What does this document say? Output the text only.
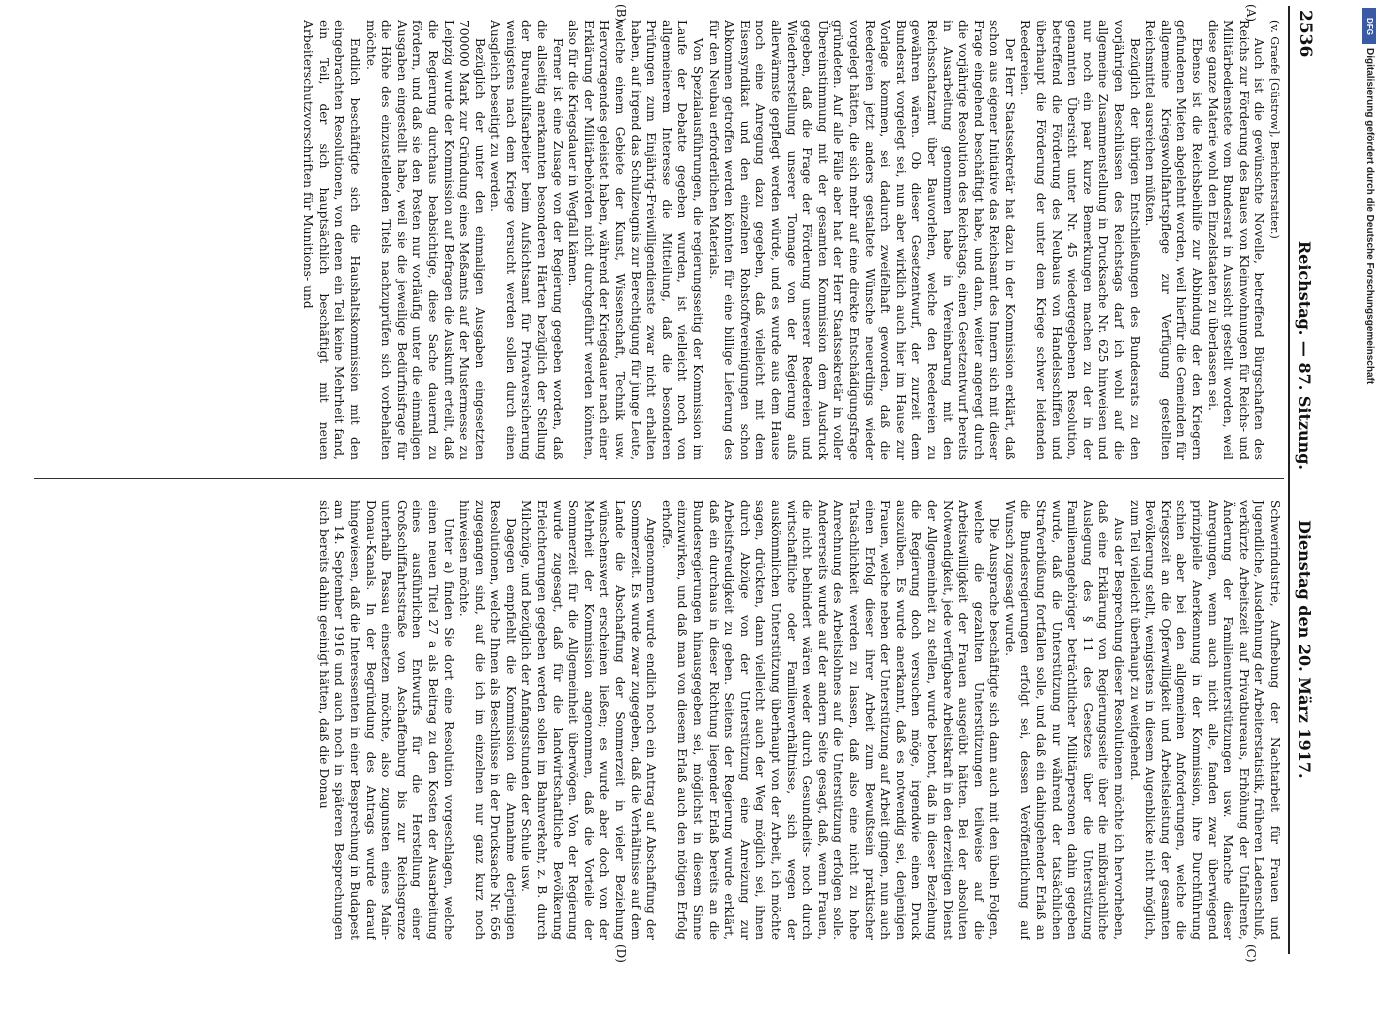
2536
Reichstag. — 87. Sitzung.
Dienstag den 20. März 1917.
(A)
(B)
(C)
(D)

(v. Graefe [Güstrow], Berichterstatter.)

Auch ist die gewünschte Novelle, betreffend Bürgschaften des Reichs zur Förderung des Baues von Kleinwohnungen für Reichs- und Militärbedienstete vom Bundesrat in Aussicht gestellt worden, weil diese ganze Materie wohl den Einzelstaaten zu überlassen sei.

Ebenso ist die Reichsbeihilfe zur Abbindung der den Kriegern gefundenen Mieten abgelehnt worden, weil hierfür die Gemeinden für allgemeine Kriegswohlfahrtspflege zur Verfügung gestellten Reichsmittel ausreichen müßten.

Bezüglich der übrigen Entschließungen des Bundesrats zu den vorjährigen Beschlüssen des Reichstags darf ich wohl auf die allgemeine Zusammenstellung in Drucksache Nr. 625 hinweisen und nur noch ein paar kurze Bemerkungen machen zu der in der genannten Übersicht unter Nr. 45 wiedergegebenen Resolution, betreffend die Förderung des Neubaus von Handelsschiffen und überhaupt die Förderung der unter dem Kriege schwer leidenden Reedereien.

Der Herr Staatssekretär hat dazu in der Kommission erklärt, daß schon aus eigener Initiative das Reichsamt des Innern sich mit dieser Frage eingehend beschäftigt habe, und dann, weiter angeregt durch die vorjährige Resolution des Reichstags, einen Gesetzentwurf bereits in Ausarbeitung genommen habe in Vereinbarung mit den Reichsschatzamt über Bauvorlehen, welche den Reedereien zu gewähren wären. Ob dieser Gesetzentwurf, der zurzeit dem Bundesrat vorgelegt sei, nun aber wirklich auch hier im Hause zur Vorlage kommen, sei dadurch zweifelhaft geworden, daß die Reedereien jetzt anders gestaltete Wünsche neuerdings wieder vorgelegt hätten, die sich mehr auf eine direkte Entschädigungsfrage gründeten. Auf alle Fälle aber hat der Herr Staatssekretär in voller Übereinstimmung mit der gesamten Kommission dem Ausdruck gegeben, daß die Frage der Förderung unserer Reedereien und Wiederherstellung unserer Tonnage von der Regierung aufs allerwärmste gepflegt werden würde, und es wurde aus dem Hause noch eine Anregung dazu gegeben, daß vielleicht mit dem Eisensyndikat und den einzelnen Rohstoffvereinigungen schon Abkommen getroffen werden könnten für eine billige Lieferung des für den Neubau erforderlichen Materials.

Von Spezialausführungen, die regierungsseitig der Kommission im Laufe der Debatte gegeben wurden, ist vielleicht noch von allgemeinerem Interesse die Mitteilung, daß die besonderen Prüfungen zum Einjährig-Freiwilligendienste zwar nicht erhalten haben, auf irgend das Schulzeugnis zur Berechtigung für junge Leute, welche einem Gebiete der Kunst, Wissenschaft, Technik usw. Hervorragendes geleistet haben, während der Kriegsdauer nach einer Erklärung der Militärbehörden nicht durchgeführt werden könnten, also für die Kriegsdauer in Wegfall kämen.

Ferner ist eine Zusage von der Regierung gegeben worden, daß die allseitig anerkannten besonderen Härten bezüglich der Stellung der Bureauhilfsarbeiter beim Aufsichtsamt für Privatversicherung wenigstens nach dem Kriege versucht werden sollen durch einen Ausgleich beseitigt zu werden.

Bezüglich der unter den einmaligen Ausgaben eingesetzten 700000 Mark zur Gründung eines Meßamts auf der Mustermesse zu Leipzig wurde der Kommission auf Befragen die Auskunft erteilt, daß die Regierung durchaus beabsichtige, diese Sache dauernd zu fördern, und daß sie den Posten nur vorläufig unter die einmaligen Ausgaben eingestellt habe, weil sie die jeweilige Bedürfnisfrage für die Höhe des einzustellenden Titels nachzuprüfen sich vorbehalten möchte.

Endlich beschäftigte sich die Haushaltskommission mit den eingebrachten Resolutionen, von denen ein Teil keine Mehrheit fand, ein Teil, der sich hauptsächlich beschäftigt mit neuen Arbeiterschutzvorschriften für Munitions- und

Schwerindustrie, Aufhebung der Nachtarbeit für Frauen und Jugendliche, Ausdehnung der Arbeiterstatistik, früheren Ladenschluß, verkürzte Arbeitszeit auf Privatbureaus, Erhöhung der Unfallrente, Änderung der Familienunterstützungen usw. Manche dieser Anregungen, wenn auch nicht alle, fanden zwar überwiegend prinzipielle Anerkennung in der Kommission, ihre Durchführung schien aber bei den allgemeinen Anforderungen, welche die Kriegszeit an die Opferwilligkeit und Arbeitsleistung der gesamten Bevölkerung stellt, wenigstens in diesem Augenblicke nicht möglich, zum Teil vielleicht überhaupt zu weitgehend.

Aus der Besprechung dieser Resolutionen möchte ich hervorheben, daß eine Erklärung von Regierungsseite über die mißbräuchliche Auslegung des § 11 des Gesetzes über die Unterstützung Familienangehöriger beträchtlicher Militärpersonen dahin gegeben wurde, daß die Unterstützung nur während der tatsächlichen Strafverbüßung fortfallen solle, und daß ein dahingehender Erlaß an die Bundesregierungen erfolgt sei, dessen Veröffentlichung auf Wunsch zugesagt wurde.

Die Aussprache beschäftigte sich dann auch mit den übeln Folgen, welche die gezahlten Unterstützungen teilweise auf die Arbeitswilligkeit der Frauen ausgeübt hätten. Bei der absoluten Notwendigkeit, jede verfügbare Arbeitskraft in den derzeitigen Dienst der Allgemeinheit zu stellen, wurde betont, daß in dieser Beziehung die Regierung doch versuchen möge, irgendwie einen Druck auszuüben. Es wurde anerkannt, daß es notwendig sei, denjenigen Frauen, welche neben der Unterstützung auf Arbeit gingen, nun auch einen Erfolg dieser ihrer Arbeit zum Bewußtsein praktischer Tatsächlichkeit werden zu lassen, daß also eine nicht zu hohe Anrechnung des Arbeitslohnes auf die Unterstützung erfolgen solle. Andererseits wurde auf der andern Seite gesagt, daß, wenn Frauen, die nicht behindert wären weder durch Gesundheits- noch durch wirtschaftliche oder Familienverhältnisse, sich wegen der auskömmlichen Unterstützung überhaupt von der Arbeit, ich möchte sagen, drückten, dann vielleicht auch der Weg möglich sei, ihnen durch Abzüge von der Unterstützung eine Anreizung zur Arbeitsfreudigkeit zu geben. Seitens der Regierung wurde erklärt, daß ein durchaus in dieser Richtung liegender Erlaß bereits an die Bundesregierungen hinausgegeben sei, möglichst in diesem Sinne einzuwirken, und daß man von diesem Erlaß auch den nötigen Erfolg erhoffe.

Angenommen wurde endlich noch ein Antrag auf Abschaffung der Sommerzeit. Es wurde zwar zugegeben, daß die Verhältnisse auf dem Lande die Abschaffung der Sommerzeit in vieler Beziehung wünschenswert erscheinen ließen; es wurde aber doch von der Mehrheit der Kommission angenommen, daß die Vorteile der Sommerzeit für die Allgemeinheit überwögen. Von der Regierung wurde zugesagt, daß für die landwirtschaftliche Bevölkerung Erleichterungen gegeben werden sollen im Bahnverkehr, z. B. durch Milchzüge, und bezüglich der Anfangsstunden der Schule usw.

Dagegen empfiehlt die Kommission die Annahme derjenigen Resolutionen, welche Ihnen als Beschlüsse in der Drucksache Nr. 656 zugegangen sind, auf die ich im einzelnen nur ganz kurz noch hinweisen möchte.

Unter a) finden Sie dort eine Resolution vorgeschlagen, welche einen neuen Titel 27 a als Beitrag zu den Kosten der Ausarbeitung eines ausführlichen Entwurfs für die Herstellung einer Großschiffahrtsstraße von Aschaffenburg bis zur Reichsgrenze unterhalb Passau einsetzen möchte, also zugunsten eines Main-Donau-Kanals. In der Begründung des Antrags wurde darauf hingewiesen, daß die Interessenten in einer Besprechung in Budapest am 14. September 1916 und auch noch in späteren Besprechungen sich bereits dahin geeinigt hätten, daß die Donau

DFG
Digitalisierung gefördert durch die Deutsche Forschungsgemeinschaft
